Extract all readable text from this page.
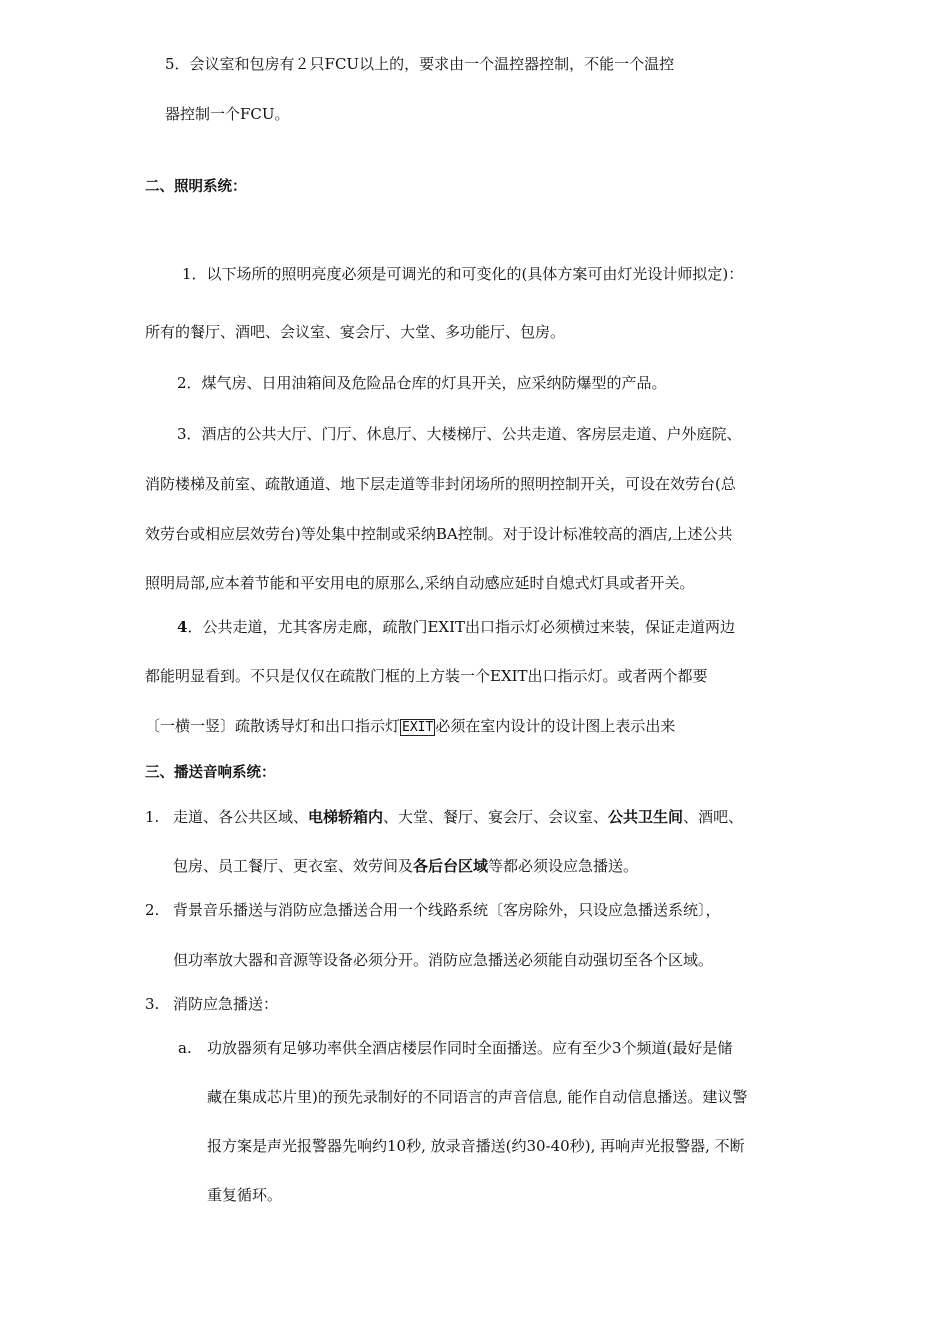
5．会议室和包房有２只FCU以上的，要求由一个温控器控制，不能一个温控
器控制一个FCU。
二、照明系统：
1．以下场所的照明亮度必须是可调光的和可变化的(具体方案可由灯光设计师拟定)：
所有的餐厅、酒吧、会议室、宴会厅、大堂、多功能厅、包房。
2．煤气房、日用油箱间及危险品仓库的灯具开关，应采纳防爆型的产品。
3．酒店的公共大厅、门厅、休息厅、大楼梯厅、公共走道、客房层走道、户外庭院、
消防楼梯及前室、疏散通道、地下层走道等非封闭场所的照明控制开关，可设在效劳台(总
效劳台或相应层效劳台)等处集中控制或采纳BA控制。对于设计标准较高的酒店,上述公共
照明局部,应本着节能和平安用电的原那么,采纳自动感应延时自熄式灯具或者开关。
4．公共走道，尤其客房走廊，疏散门EXIT出口指示灯必须横过来装，保证走道两边
都能明显看到。不只是仅仅在疏散门框的上方装一个EXIT出口指示灯。或者两个都要
〔一横一竖〕疏散诱导灯和出口指示灯 EXIT 必须在室内设计的设计图上表示出来
三、播送音响系统：
1. 走道、各公共区域、电梯轿箱内、大堂、餐厅、宴会厅、会议室、公共卫生间、酒吧、
包房、员工餐厅、更衣室、效劳间及各后台区域等都必须设应急播送。
2. 背景音乐播送与消防应急播送合用一个线路系统〔客房除外，只设应急播送系统〕，
但功率放大器和音源等设备必须分开。消防应急播送必须能自动强切至各个区域。
3. 消防应急播送：
a. 功放器须有足够功率供全酒店楼层作同时全面播送。应有至少3个频道(最好是储
藏在集成芯片里)的预先录制好的不同语言的声音信息, 能作自动信息播送。建议警
报方案是声光报警器先响约10秒, 放录音播送(约30-40秒), 再响声光报警器, 不断
重复循环。
